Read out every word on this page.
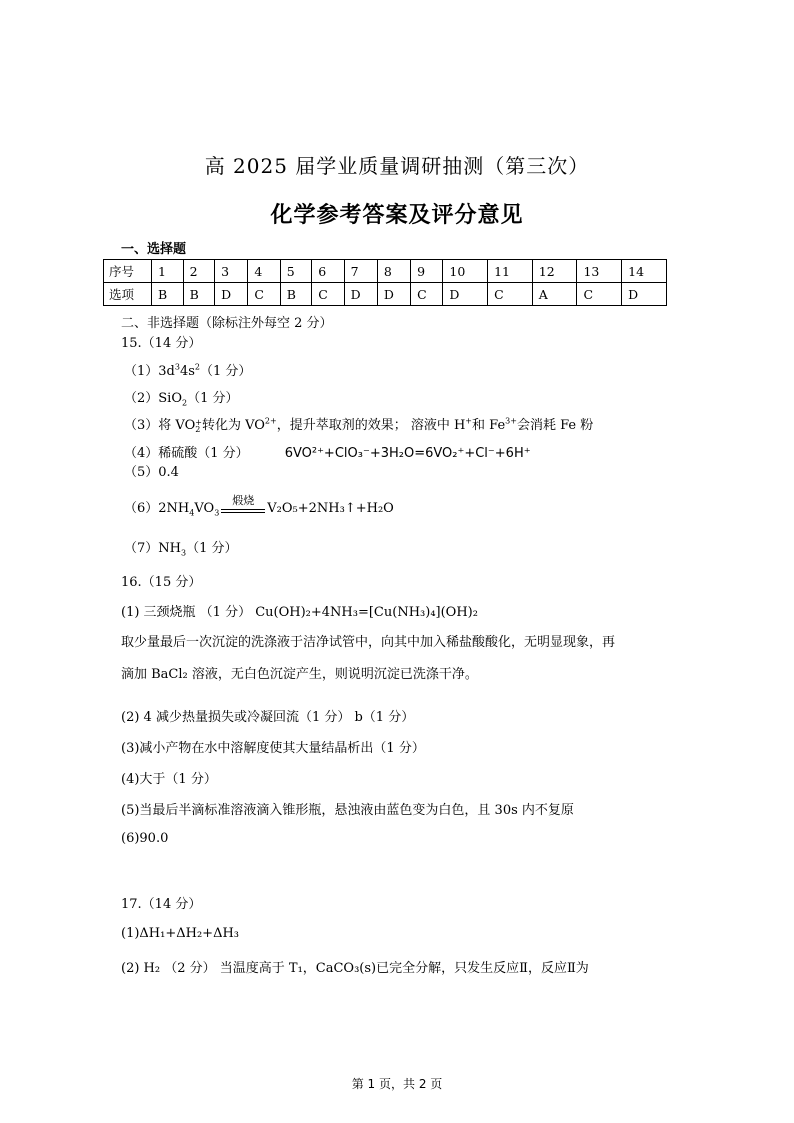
高 2025 届学业质量调研抽测（第三次）
化学参考答案及评分意见
一、选择题
序号	1	2	3	4	5	6	7	8	9	10	11	12	13	14
选项	B	B	D	C	B	C	D	D	C	D	C	A	C	D
二、非选择题（除标注外每空 2 分）
15.（14 分）
$(1)3d^34s^2(1$ 分）
（2）SiO$_2$（1 分）
（3）将 VO+
2 转化为 $VO^{2+}$，提升萃取剂的效果； 溶液中 H+和 $Fe^{3+}$会消耗 Fe 粉
（4）稀硫酸（1 分）	6VO²⁺+ClO₃⁻+3H₂O=6VO₂⁺+Cl⁻+6H⁺
（5）0.4
$(6)2NH_4VO_3$
煅烧
V₂O₅+2NH₃↑+H₂O
$(7)NH_3(1$ 分）
16.（15 分）
(1) 三颈烧瓶 （1 分） Cu(OH)₂+4NH₃=[Cu(NH₃)₄](OH)₂
取少量最后一次沉淀的洗涤液于洁净试管中，向其中加入稀盐酸酸化，无明显现象，再
滴加 BaCl₂ 溶液，无白色沉淀产生，则说明沉淀已洗涤干净。
(2) 4 减少热量损失或冷凝回流（1 分） b（1 分）
(3)减小产物在水中溶解度使其大量结晶析出（1 分）
(4)大于（1 分）
(5)当最后半滴标准溶液滴入锥形瓶，悬浊液由蓝色变为白色，且 30s 内不复原
(6)90.0
17.（14 分）
(1)ΔH₁+ΔH₂+ΔH₃
(2) H₂ （2 分） 当温度高于 T₁，CaCO₃(s)已完全分解，只发生反应Ⅱ，反应Ⅱ为
第 1 页，共 2 页
